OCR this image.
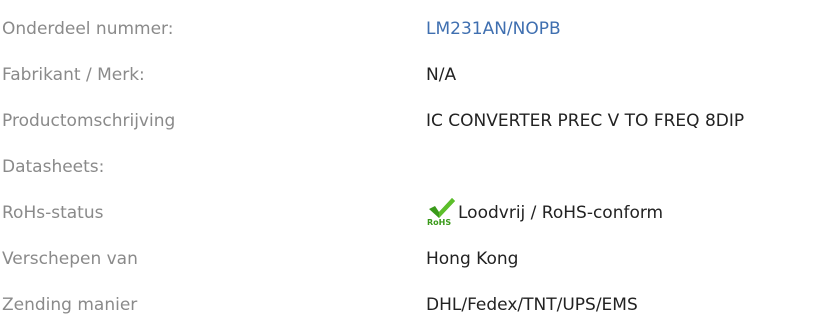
Onderdeel nummer:	LM231AN/NOPB
Fabrikant / Merk:	N/A
Productomschrijving	IC CONVERTER PREC V TO FREQ 8DIP
Datasheets:
RoHs-status	RoHS Loodvrij / RoHS-conform
Verschepen van	Hong Kong
Zending manier	DHL/Fedex/TNT/UPS/EMS
